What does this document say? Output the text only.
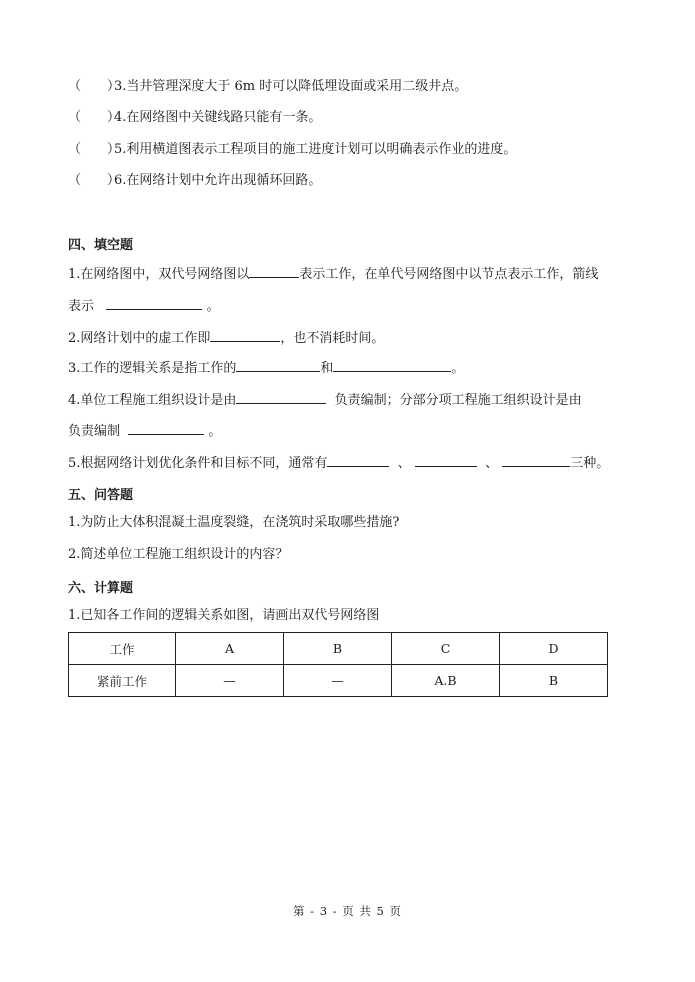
（　　）3.当井管理深度大于 6m 时可以降低埋设面或采用二级井点。
（　　）4.在网络图中关键线路只能有一条。
（　　）5.利用横道图表示工程项目的施工进度计划可以明确表示作业的进度。
（　　）6.在网络计划中允许出现循环回路。
四、填空题
1.在网络图中，双代号网络图以	表示工作，在单代号网络图中以节点表示工作，箭线
表示	。
2.网络计划中的虚工作即	，也不消耗时间。
3.工作的逻辑关系是指工作的	和	。
4.单位工程施工组织设计是由	负责编制；分部分项工程施工组织设计是由
负责编制	。
5.根据网络计划优化条件和目标不同，通常有	、	、	三种。
五、问答题
1.为防止大体积混凝土温度裂缝，在浇筑时采取哪些措施?
2.简述单位工程施工组织设计的内容？
六、计算题
1.已知各工作间的逻辑关系如图，请画出双代号网络图
工作	A	B	C	D
紧前工作	—	—	A.B	B
第 - 3 - 页 共 5 页
